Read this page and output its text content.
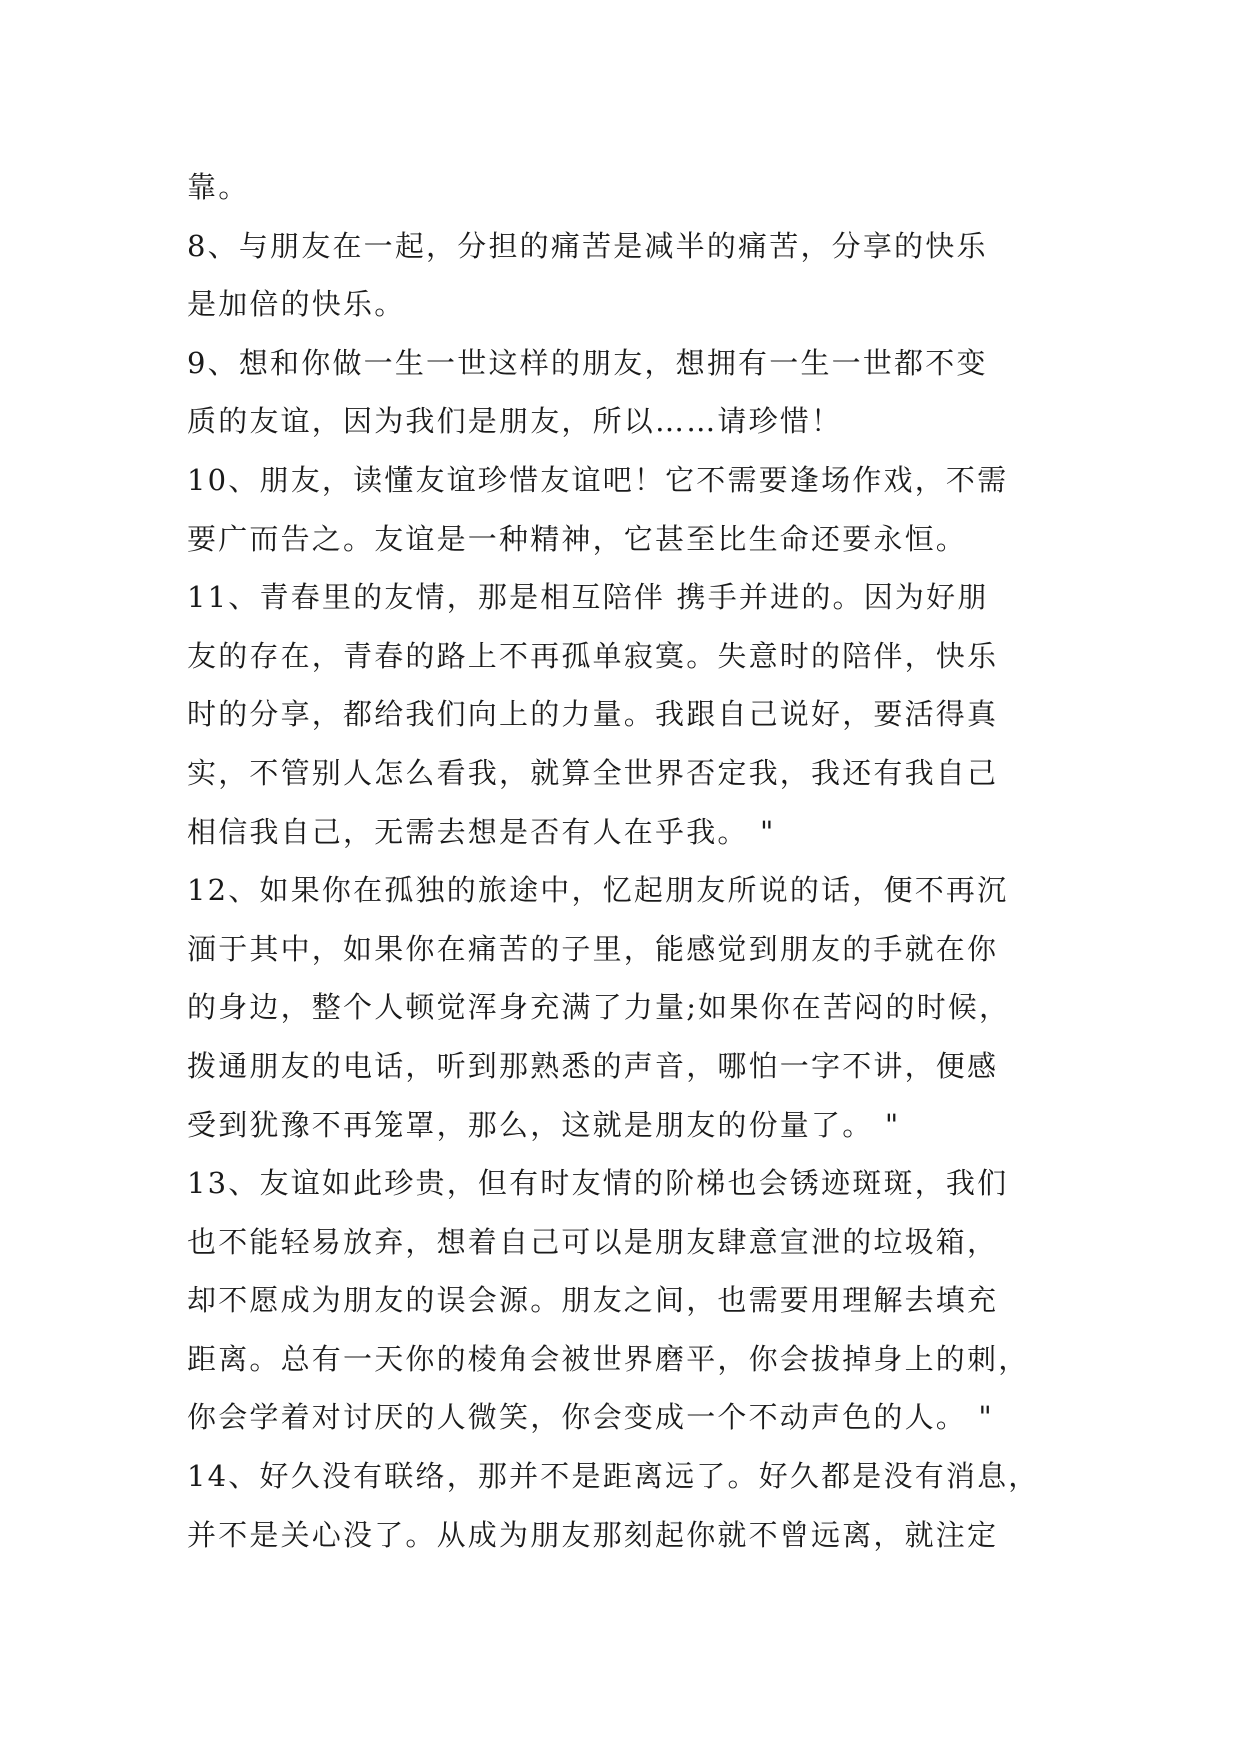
靠。
8、与朋友在一起，分担的痛苦是减半的痛苦，分享的快乐
是加倍的快乐。
9、想和你做一生一世这样的朋友，想拥有一生一世都不变
质的友谊，因为我们是朋友，所以……请珍惜！
10、朋友，读懂友谊珍惜友谊吧！它不需要逢场作戏，不需
要广而告之。友谊是一种精神，它甚至比生命还要永恒。
11、青春里的友情，那是相互陪伴 携手并进的。因为好朋
友的存在，青春的路上不再孤单寂寞。失意时的陪伴，快乐
时的分享，都给我们向上的力量。我跟自己说好，要活得真
实，不管别人怎么看我，就算全世界否定我，我还有我自己
相信我自己，无需去想是否有人在乎我。 "
12、如果你在孤独的旅途中，忆起朋友所说的话，便不再沉
湎于其中，如果你在痛苦的子里，能感觉到朋友的手就在你
的身边，整个人顿觉浑身充满了力量;如果你在苦闷的时候，
拨通朋友的电话，听到那熟悉的声音，哪怕一字不讲，便感
受到犹豫不再笼罩，那么，这就是朋友的份量了。 "
13、友谊如此珍贵，但有时友情的阶梯也会锈迹斑斑，我们
也不能轻易放弃，想着自己可以是朋友肆意宣泄的垃圾箱，
却不愿成为朋友的误会源。朋友之间，也需要用理解去填充
距离。总有一天你的棱角会被世界磨平，你会拔掉身上的刺，
你会学着对讨厌的人微笑，你会变成一个不动声色的人。 "
14、好久没有联络，那并不是距离远了。好久都是没有消息，
并不是关心没了。从成为朋友那刻起你就不曾远离，就注定
